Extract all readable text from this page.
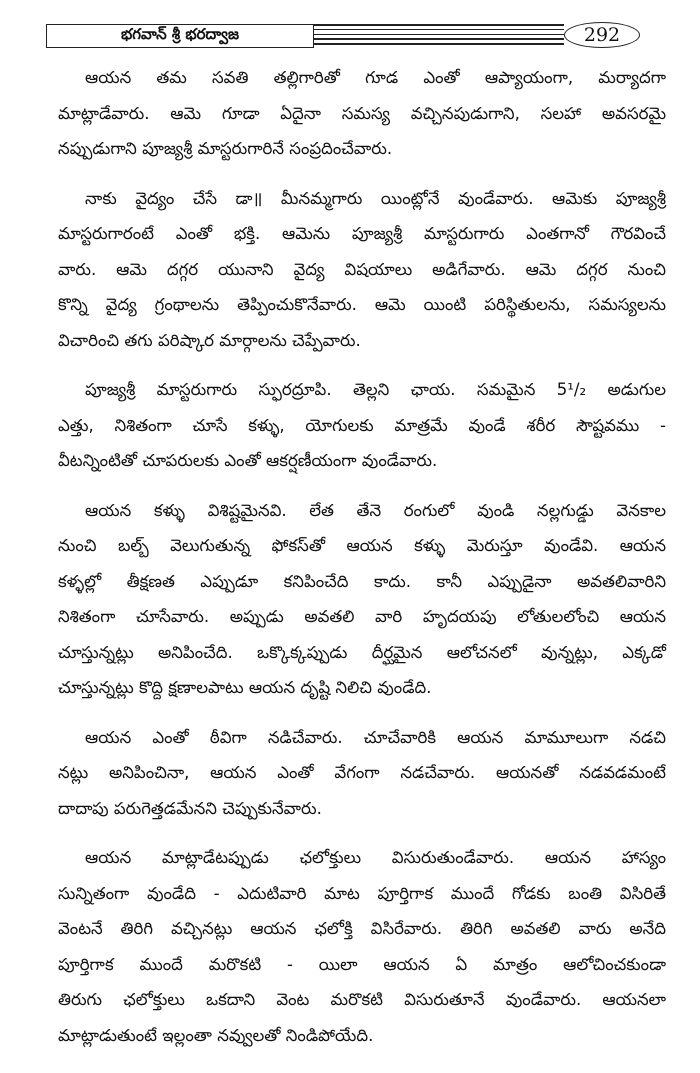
భగవాన్ శ్రీ భరద్వాజ	292
ఆయన తమ సవతి తల్లిగారితో గూడ ఎంతో ఆప్యాయంగా, మర్యాదగా
మాట్లాడేవారు. ఆమె గూడా ఏదైనా సమస్య వచ్చినపుడుగాని, సలహా అవసరమై
నప్పుడుగాని పూజ్యశ్రీ మాస్టరుగారినే సంప్రదించేవారు.
నాకు వైద్యం చేసే డా॥ మీనమ్మగారు యింట్లోనే వుండేవారు. ఆమెకు పూజ్యశ్రీ
మాస్టరుగారంటే ఎంతో భక్తి. ఆమెను పూజ్యశ్రీ మాస్టరుగారు ఎంతగానో గౌరవించే
వారు. ఆమె దగ్గర యునాని వైద్య విషయాలు అడిగేవారు. ఆమె దగ్గర నుంచి
కొన్ని వైద్య గ్రంథాలను తెప్పించుకొనేవారు. ఆమె యింటి పరిస్థితులను, సమస్యలను
విచారించి తగు పరిష్కార మార్గాలను చెప్పేవారు.
పూజ్యశ్రీ మాస్టరుగారు స్ఫురద్రూపి. తెల్లని ఛాయ. సమమైన 5¹/₂ అడుగుల
ఎత్తు, నిశితంగా చూసే కళ్ళు, యోగులకు మాత్రమే వుండే శరీర సౌష్టవము -
వీటన్నింటితో చూపరులకు ఎంతో ఆకర్షణీయంగా వుండేవారు.
ఆయన కళ్ళు విశిష్టమైనవి. లేత తేనె రంగులో వుండి నల్లగుడ్డు వెనకాల
నుంచి బల్బ్ వెలుగుతున్న ఫోకస్‌తో ఆయన కళ్ళు మెరుస్తూ వుండేవి. ఆయన
కళ్ళల్లో తీక్షణత ఎప్పుడూ కనిపించేది కాదు. కానీ ఎప్పుడైనా అవతలివారిని
నిశితంగా చూసేవారు. అప్పుడు అవతలి వారి హృదయపు లోతులలోంచి ఆయన
చూస్తున్నట్లు అనిపించేది. ఒక్కొక్కప్పుడు దీర్ఘమైన ఆలోచనలో వున్నట్లు, ఎక్కడో
చూస్తున్నట్లు కొద్ది క్షణాలపాటు ఆయన దృష్టి నిలిచి వుండేది.
ఆయన ఎంతో ఠీవిగా నడిచేవారు. చూచేవారికి ఆయన మామూలుగా నడచి
నట్లు అనిపించినా, ఆయన ఎంతో వేగంగా నడచేవారు. ఆయనతో నడవడమంటే
దాదాపు పరుగెత్తడమేనని చెప్పుకునేవారు.
ఆయన మాట్లాడేటప్పుడు ఛలోక్తులు విసురుతుండేవారు. ఆయన హాస్యం
సున్నితంగా వుండేది - ఎదుటివారి మాట పూర్తిగాక ముందే గోడకు బంతి విసిరితే
వెంటనే తిరిగి వచ్చినట్లు ఆయన ఛలోక్తి విసిరేవారు. తిరిగి అవతలి వారు అనేది
పూర్తిగాక ముందే మరొకటి - యిలా ఆయన ఏ మాత్రం ఆలోచించకుండా
తిరుగు ఛలోక్తులు ఒకదాని వెంట మరొకటి విసురుతూనే వుండేవారు. ఆయనలా
మాట్లాడుతుంటే ఇల్లంతా నవ్వులతో నిండిపోయేది.
